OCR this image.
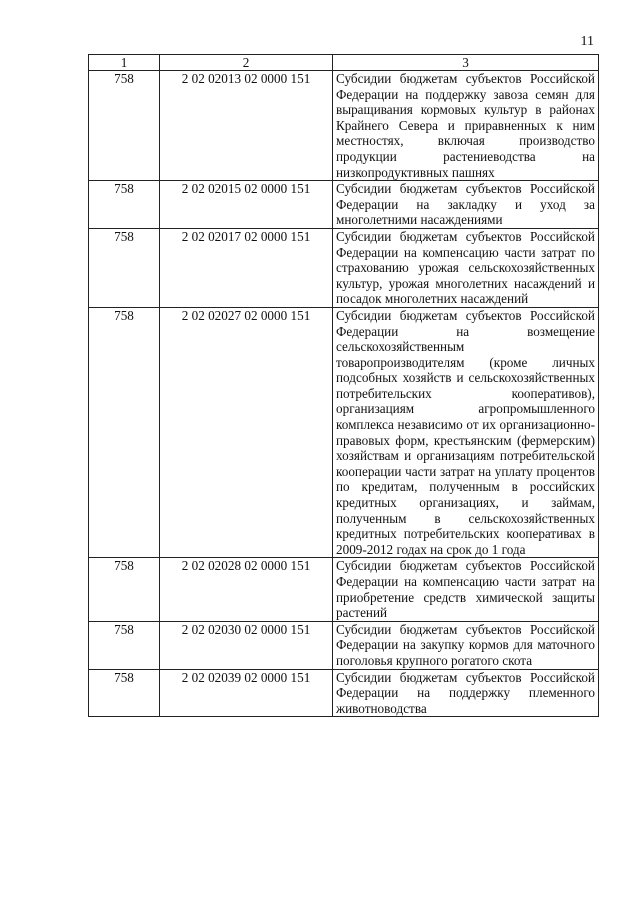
11
1	2	3
758	2 02 02013 02 0000 151	Субсидии бюджетам субъектов Российской Федерации на поддержку завоза семян для выращивания кормовых культур в районах Крайнего Севера и приравненных к ним местностях, включая производство продукции растениеводства на низкопродуктивных пашнях
758	2 02 02015 02 0000 151	Субсидии бюджетам субъектов Российской Федерации на закладку и уход за многолетними насаждениями
758	2 02 02017 02 0000 151	Субсидии бюджетам субъектов Российской Федерации на компенсацию части затрат по страхованию урожая сельскохозяйственных культур, урожая многолетних насаждений и посадок многолетних насаждений
758	2 02 02027 02 0000 151	Субсидии бюджетам субъектов Российской Федерации на возмещение сельскохозяйственным товаропроизводителям (кроме личных подсобных хозяйств и сельскохозяйственных потребительских кооперативов), организациям агропромышленного комплекса независимо от их организационно-правовых форм, крестьянским (фермерским) хозяйствам и организациям потребительской кооперации части затрат на уплату процентов по кредитам, полученным в российских кредитных организациях, и займам, полученным в сельскохозяйственных кредитных потребительских кооперативах в 2009-2012 годах на срок до 1 года
758	2 02 02028 02 0000 151	Субсидии бюджетам субъектов Российской Федерации на компенсацию части затрат на приобретение средств химической защиты растений
758	2 02 02030 02 0000 151	Субсидии бюджетам субъектов Российской Федерации на закупку кормов для маточного поголовья крупного рогатого скота
758	2 02 02039 02 0000 151	Субсидии бюджетам субъектов Российской Федерации на поддержку племенного животноводства
